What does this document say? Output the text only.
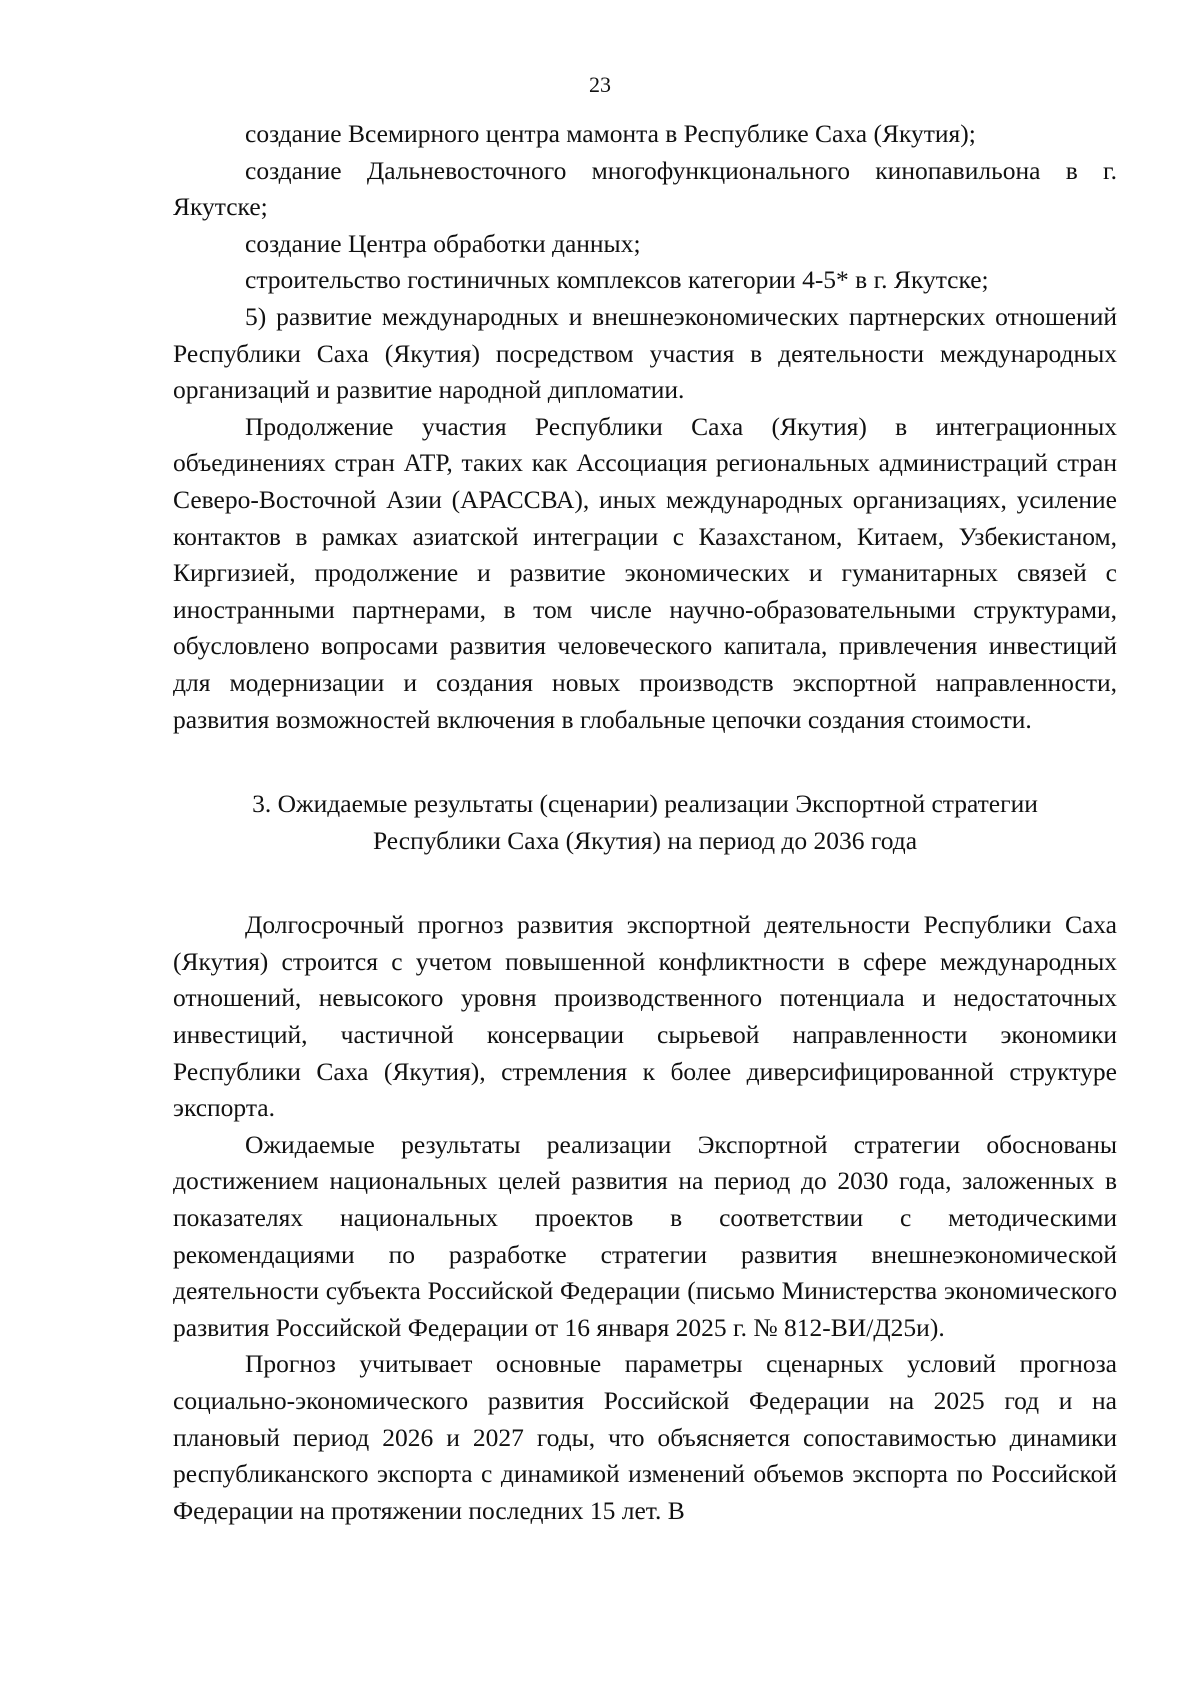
23

создание Всемирного центра мамонта в Республике Саха (Якутия);

создание Дальневосточного многофункционального кинопавильона в г. Якутске;

создание Центра обработки данных;

строительство гостиничных комплексов категории 4-5* в г. Якутске;

5) развитие международных и внешнеэкономических партнерских отношений Республики Саха (Якутия) посредством участия в деятельности международных организаций и развитие народной дипломатии.

Продолжение участия Республики Саха (Якутия) в интеграционных объединениях стран АТР, таких как Ассоциация региональных администраций стран Северо-Восточной Азии (АРАССВА), иных международных организациях, усиление контактов в рамках азиатской интеграции с Казахстаном, Китаем, Узбекистаном, Киргизией, продолжение и развитие экономических и гуманитарных связей с иностранными партнерами, в том числе научно-образовательными структурами, обусловлено вопросами развития человеческого капитала, привлечения инвестиций для модернизации и создания новых производств экспортной направленности, развития возможностей включения в глобальные цепочки создания стоимости.

3. Ожидаемые результаты (сценарии) реализации Экспортной стратегии
Республики Саха (Якутия) на период до 2036 года

Долгосрочный прогноз развития экспортной деятельности Республики Саха (Якутия) строится с учетом повышенной конфликтности в сфере международных отношений, невысокого уровня производственного потенциала и недостаточных инвестиций, частичной консервации сырьевой направленности экономики Республики Саха (Якутия), стремления к более диверсифицированной структуре экспорта.

Ожидаемые результаты реализации Экспортной стратегии обоснованы достижением национальных целей развития на период до 2030 года, заложенных в показателях национальных проектов в соответствии с методическими рекомендациями по разработке стратегии развития внешнеэкономической деятельности субъекта Российской Федерации (письмо Министерства экономического развития Российской Федерации от 16 января 2025 г. № 812-ВИ/Д25и).

Прогноз учитывает основные параметры сценарных условий прогноза социально-экономического развития Российской Федерации на 2025 год и на плановый период 2026 и 2027 годы, что объясняется сопоставимостью динамики республиканского экспорта с динамикой изменений объемов экспорта по Российской Федерации на протяжении последних 15 лет. В
